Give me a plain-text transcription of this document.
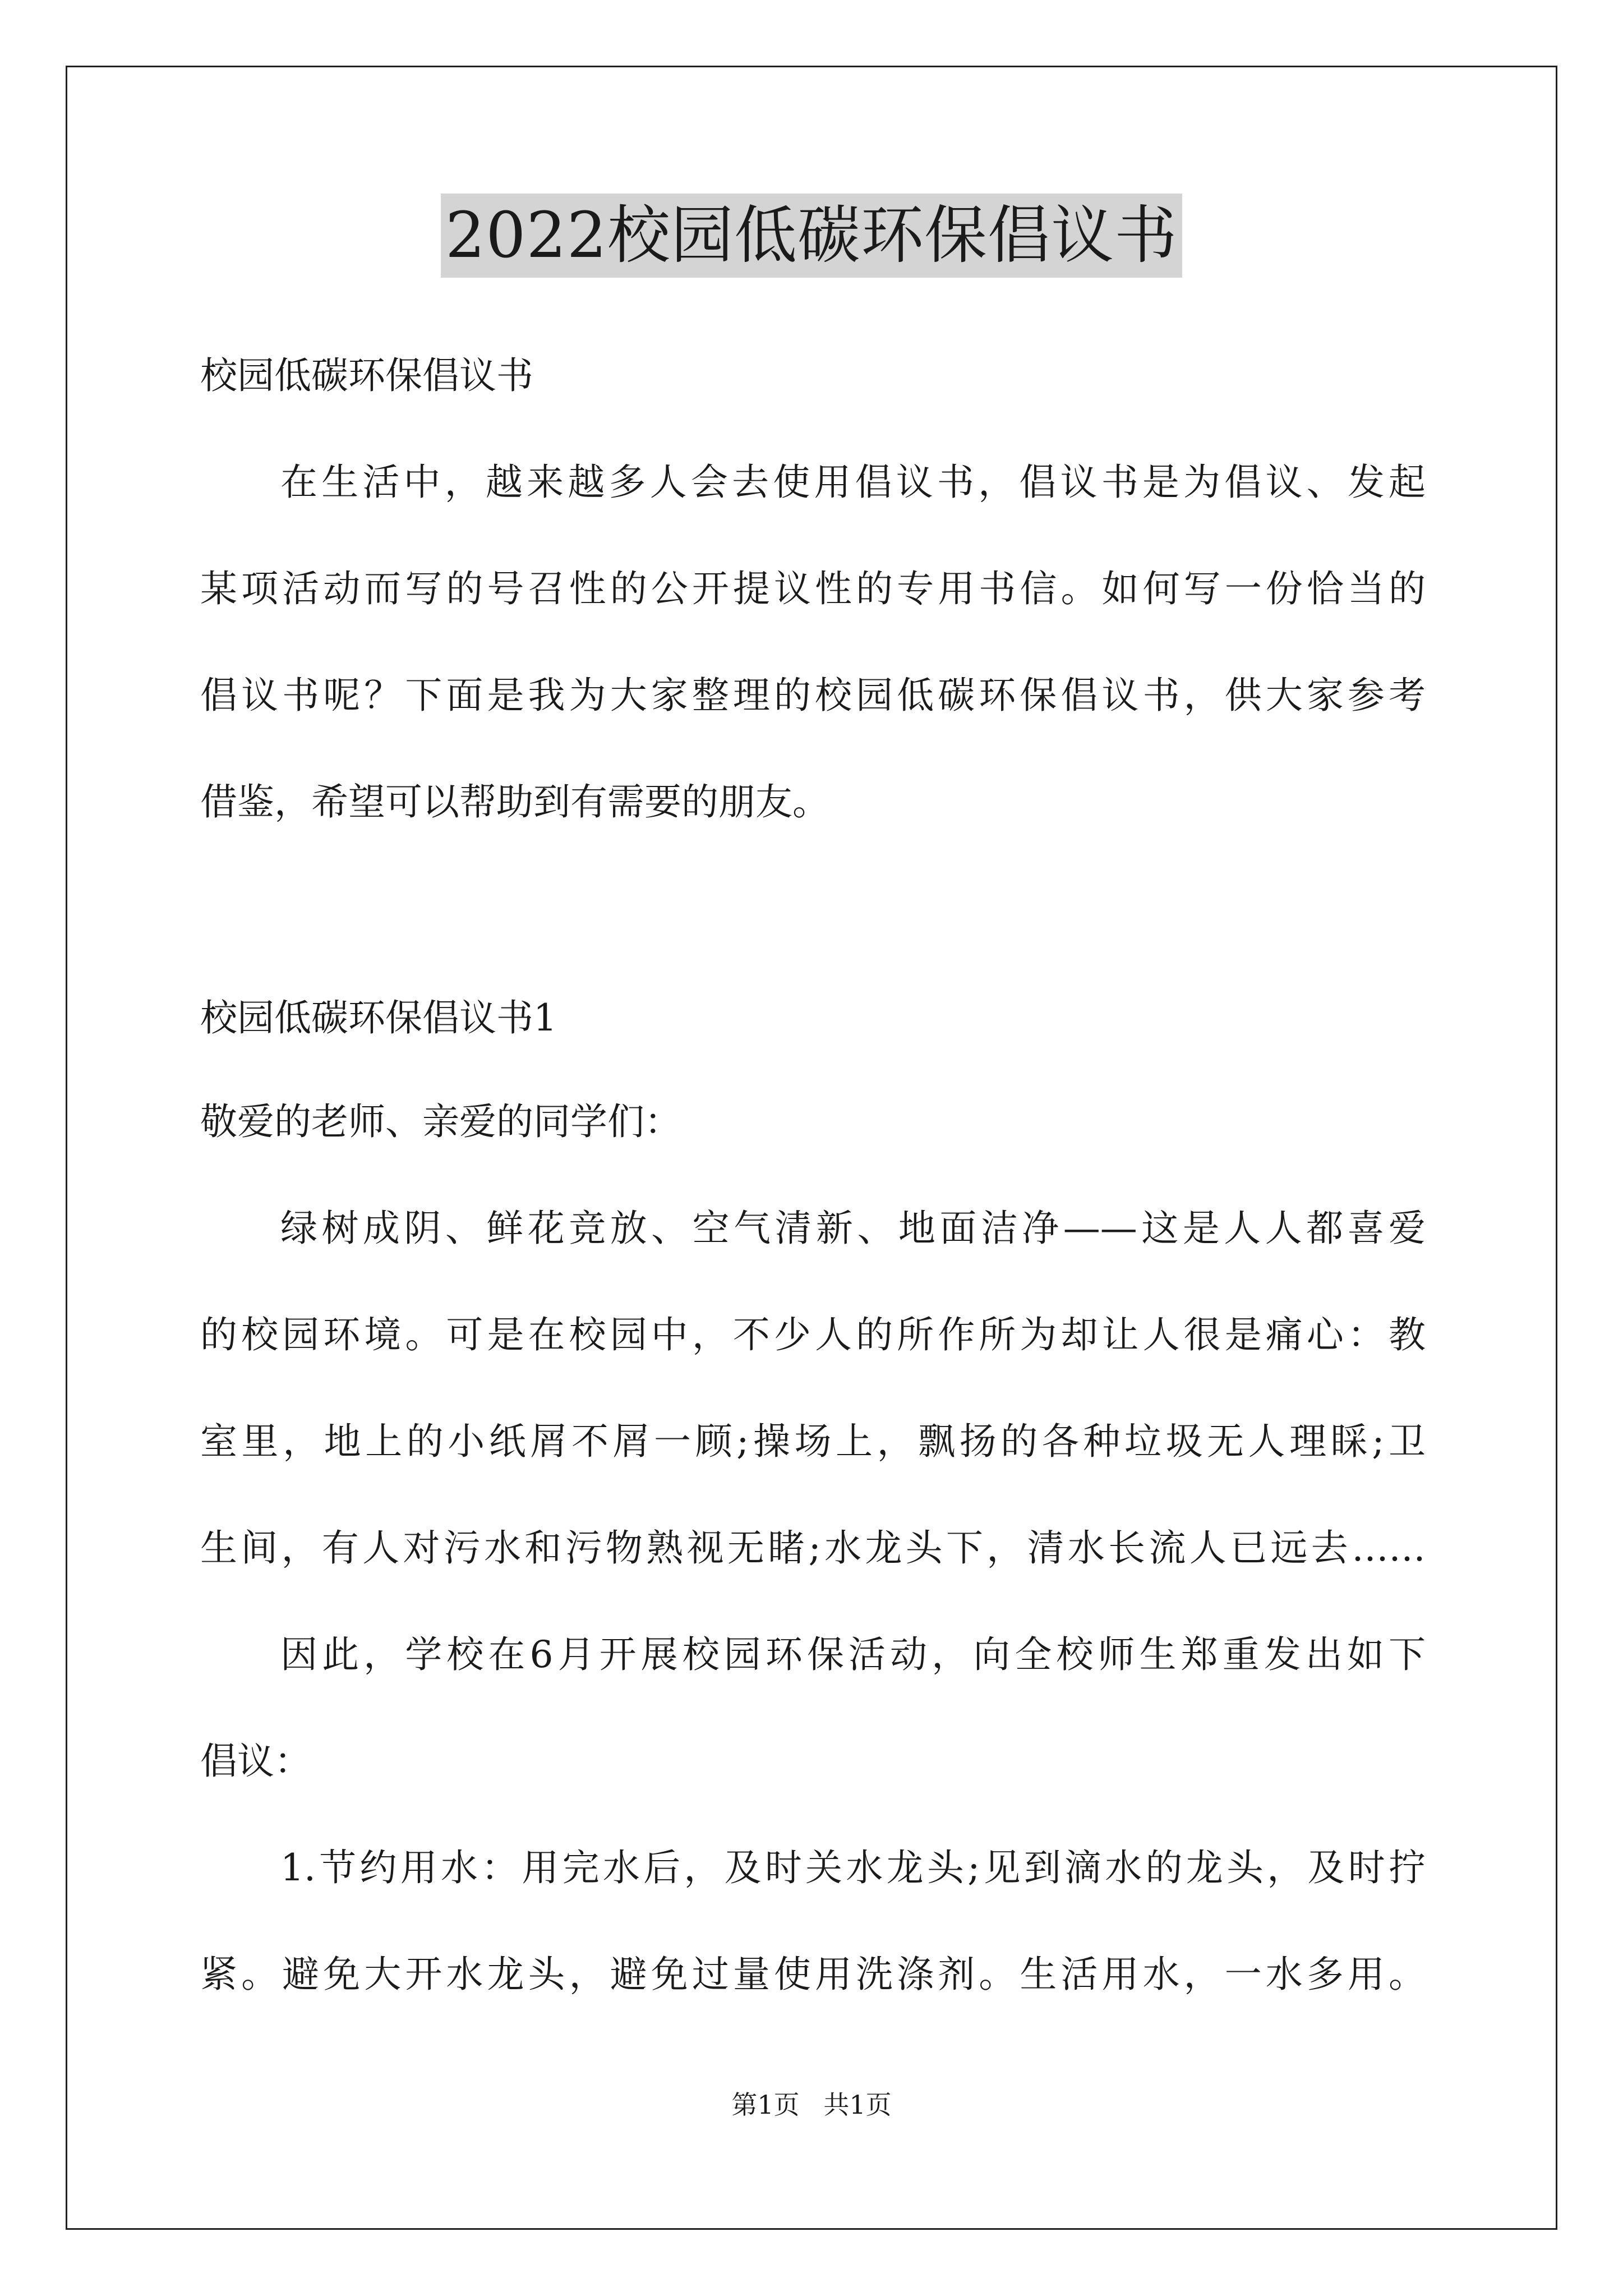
2022校园低碳环保倡议书
校园低碳环保倡议书
在生活中，越来越多人会去使用倡议书，倡议书是为倡议、发起
某项活动而写的号召性的公开提议性的专用书信。如何写一份恰当的
倡议书呢？下面是我为大家整理的校园低碳环保倡议书，供大家参考
借鉴，希望可以帮助到有需要的朋友。
校园低碳环保倡议书1
敬爱的老师、亲爱的同学们：
绿树成阴、鲜花竞放、空气清新、地面洁净——这是人人都喜爱
的校园环境。可是在校园中，不少人的所作所为却让人很是痛心：教
室里，地上的小纸屑不屑一顾;操场上，飘扬的各种垃圾无人理睬;卫
生间，有人对污水和污物熟视无睹;水龙头下，清水长流人已远去……
因此，学校在6月开展校园环保活动，向全校师生郑重发出如下
倡议：
1.节约用水：用完水后，及时关水龙头;见到滴水的龙头，及时拧
紧。避免大开水龙头，避免过量使用洗涤剂。生活用水，一水多用。
第1页 共1页
